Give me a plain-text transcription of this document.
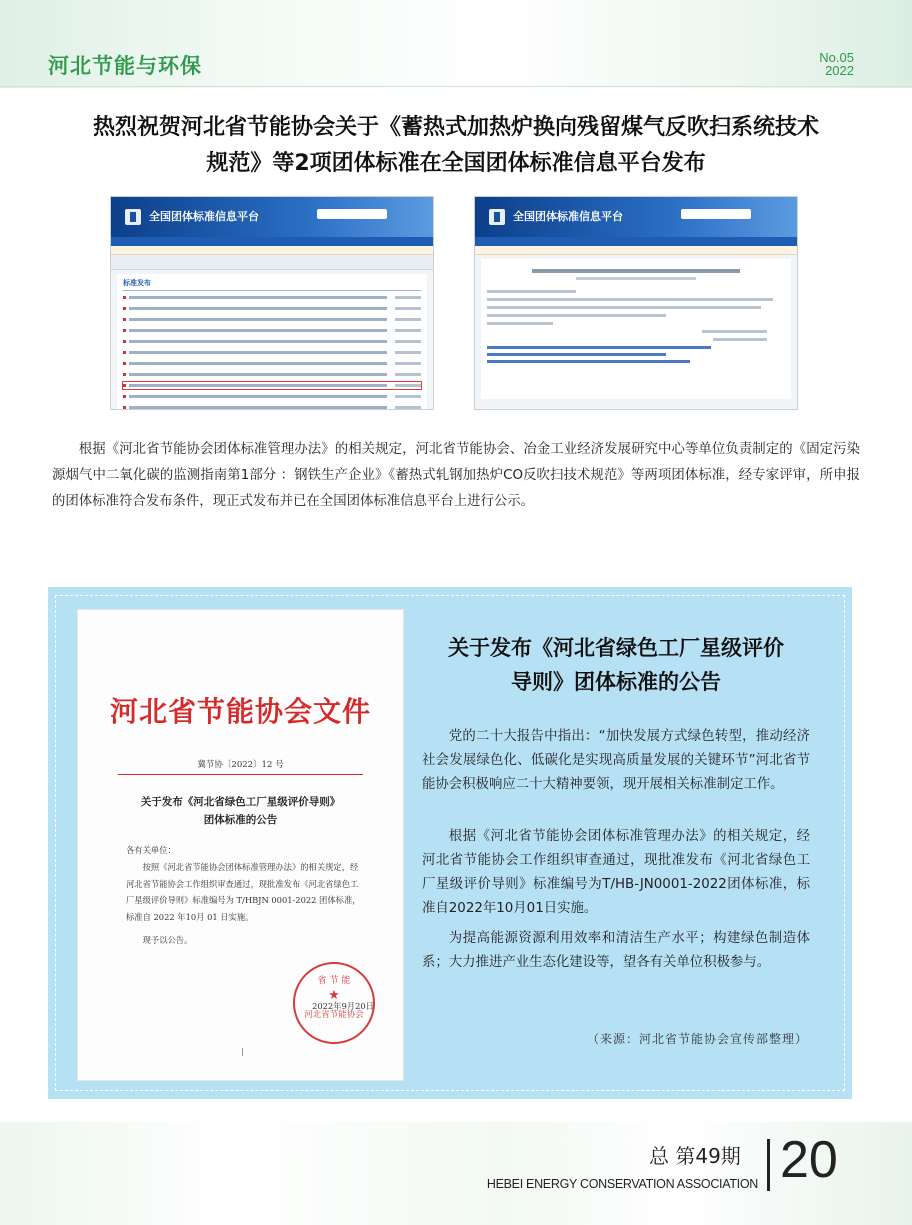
河北节能与环保	No.05
2022
热烈祝贺河北省节能协会关于《蓄热式加热炉换向残留煤气反吹扫系统技术
规范》等2项团体标准在全国团体标准信息平台发布
全国团体标准信息平台
标准发布
全国团体标准信息平台
根据《河北省节能协会团体标准管理办法》的相关规定，河北省节能协会、冶金工业经济发展研究中心等单位负责制定的《固定污染源烟气中二氧化碳的监测指南第1部分 ：钢铁生产企业》《蓄热式轧钢加热炉CO反吹扫技术规范》等两项团体标准，经专家评审，所申报的团体标准符合发布条件，现正式发布并已在全国团体标准信息平台上进行公示。
河北省节能协会文件
冀节协〔2022〕12 号
关于发布《河北省绿色工厂星级评价导则》
团体标准的公告
各有关单位：
按照《河北省节能协会团体标准管理办法》的相关规定，经河北省节能协会工作组织审查通过，现批准发布《河北省绿色工厂星级评价导则》标准编号为 T/HBJN 0001-2022 团体标准，标准自 2022 年10月 01 日实施。
现予以公告。
省 节 能
★
河北省节能协会
2022年9月20日
关于发布《河北省绿色工厂星级评价
导则》团体标准的公告
党的二十大报告中指出：“加快发展方式绿色转型，推动经济社会发展绿色化、低碳化是实现高质量发展的关键环节”河北省节能协会积极响应二十大精神要领，现开展相关标准制定工作。
根据《河北省节能协会团体标准管理办法》的相关规定，经河北省节能协会工作组织审查通过，现批准发布《河北省绿色工厂星级评价导则》标准编号为T/HB-JN0001-2022团体标准，标准自2022年10月01日实施。
为提高能源资源利用效率和清洁生产水平；构建绿色制造体系；大力推进产业生态化建设等，望各有关单位积极参与。
（来源：河北省节能协会宣传部整理）
总 第49期
HEBEI ENERGY CONSERVATION ASSOCIATION 20
